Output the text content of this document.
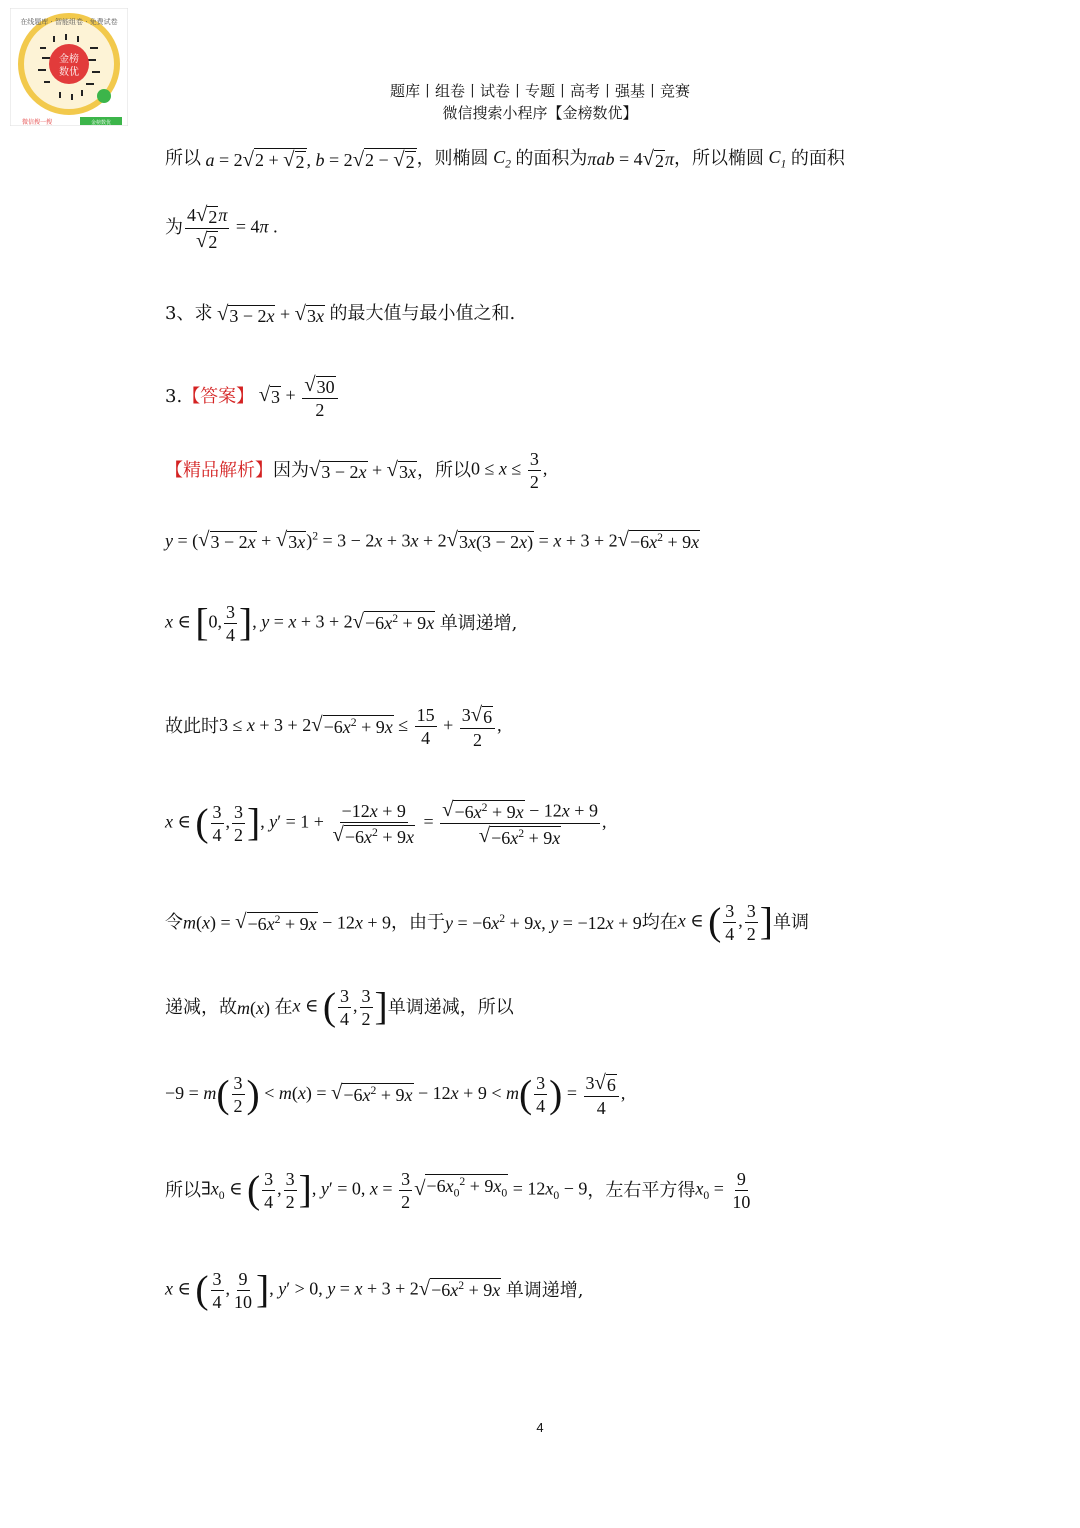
金榜
数优
在线题库 · 智能组卷 · 免费试卷
微信搜一搜	金榜数优
题库丨组卷丨试卷丨专题丨高考丨强基丨竞赛
微信搜索小程序【金榜数优】
所以 a = 2 √ 2 + √ 2 , b = 2 √ 2 − √ 2 ，则椭圆 $C_2$ 的面积为 πab = 4 √ 2 π ，所以椭圆 $C_1$ 的面积
为 $\frac{4 √ 2 \pi}{√ 2} = 4\pi$ .
3、求
√ 3 − 2x + √ 3x
的最大值与最小值之和.
3. 【答案】
√ $3 + \frac{√ 30}{2}$
【精品解析】 因为 √ 3 − 2x + √ 3x ，所以 $0 \le x \le \frac{3}{2}$ ,
y = ( √ 3 − 2x + √ 3x )$^2$ = 3 − 2x + 3x + 2 √ 3x(3 − 2x) = x + 3 + 2 √ $-6x^2 + 9x$
x ∈ [0, $\frac{3}{4}$ ], y = x + 3 + 2 √ $-6x^2 + 9x$
单调递增,
故此时 3 ≤ x + 3 + 2 √ $-6x^2 + 9x \le \frac{15}{4} + \frac{3 √ 6}{2}$ ,
x ∈ ( $\frac{3}{4}$ , $\frac{3}{2}$ ], $y' = 1 + \frac{-12x + 9}{√ -6x^2 + 9x} = \frac{√ -6x^2 + 9x - 12x + 9}{√ -6x^2 + 9x}$ ,
令 m(x) = √ $-6x^2 + 9x - 12x + 9$ ，由于 $y = -6x^2 + 9x$, y = −12x + 9 均在 x ∈ ( $\frac{3}{4}$ , $\frac{3}{2}$ ] 单调
递减，故 m (x) 在 x ∈ ( $\frac{3}{4}$ , $\frac{3}{2}$ ] 单调递减，所以
$-9 = m( \frac{3}{2}$ ) < m(x) = √ $-6x^2 + 9x - 12x + 9 < m( \frac{3}{4}$ ) = $\frac{3 √ 6}{4}$ ,
所以 $\exists x_0$ ∈ ( $\frac{3}{4}$ , $\frac{3}{2}$ ], y′ = 0, $x = \frac{3}{2}$ √ $-6x_0^2 + 9x_0 = 12x_0 - 9$ ，左右平方得 $x_0 = \frac{9}{10}$
x ∈ ( $\frac{3}{4}$ , $\frac{9}{10}$ ], y′ > 0, y = x + 3 + 2 √ $-6x^2 + 9x$
单调递增,
4
